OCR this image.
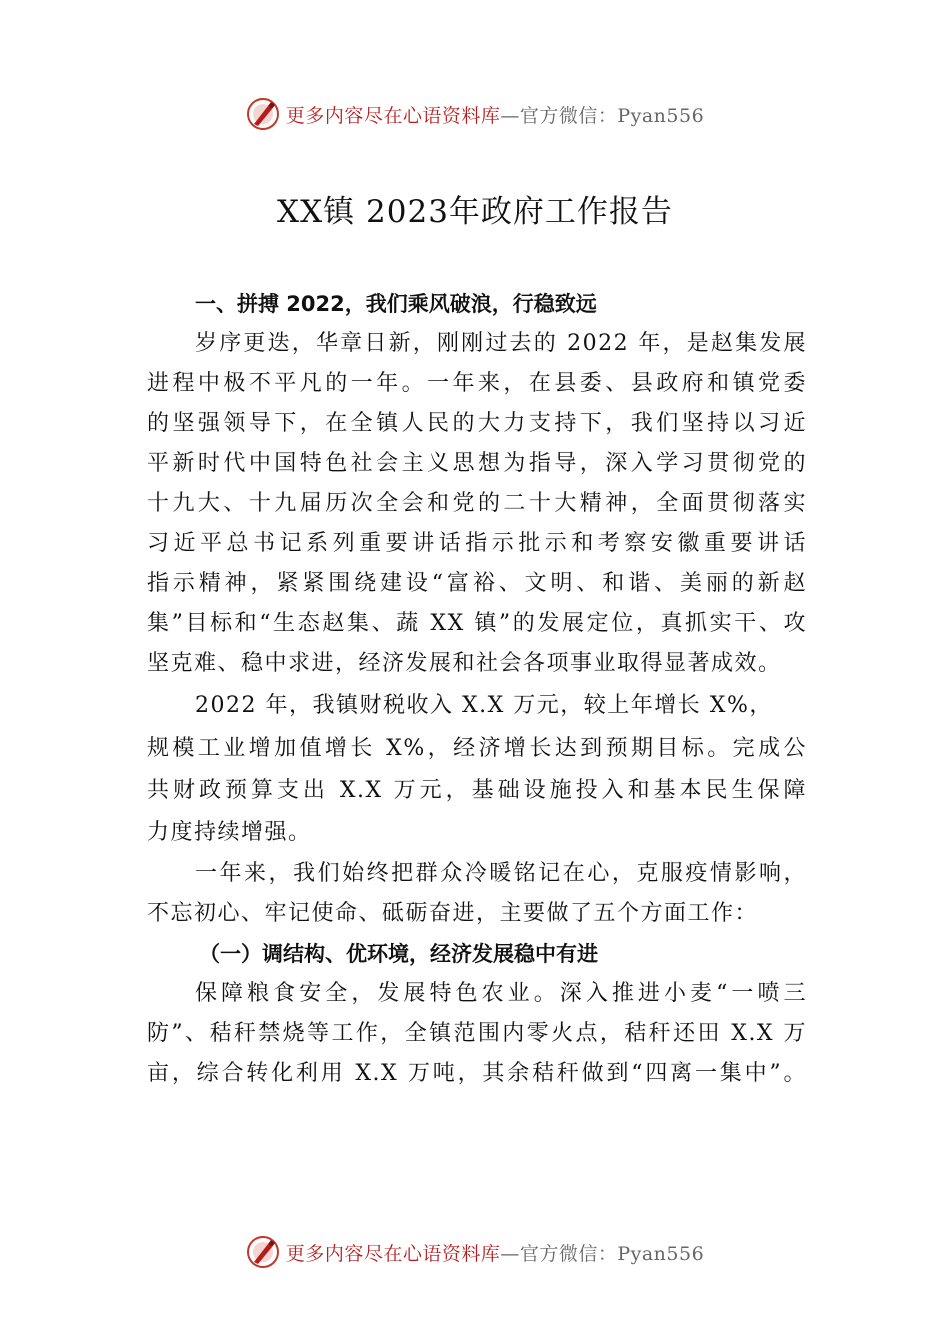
更多内容尽在心语资料库—官方微信：Pyan556
XX镇 2023年政府工作报告
一、拼搏 2022，我们乘风破浪，行稳致远
岁序更迭，华章日新，刚刚过去的 2022 年，是赵集发展
进程中极不平凡的一年。一年来，在县委、县政府和镇党委
的坚强领导下，在全镇人民的大力支持下，我们坚持以习近
平新时代中国特色社会主义思想为指导，深入学习贯彻党的
十九大、十九届历次全会和党的二十大精神，全面贯彻落实
习近平总书记系列重要讲话指示批示和考察安徽重要讲话
指示精神，紧紧围绕建设“富裕、文明、和谐、美丽的新赵
集”目标和“生态赵集、蔬 XX 镇”的发展定位，真抓实干、攻
坚克难、稳中求进，经济发展和社会各项事业取得显著成效。
2022 年，我镇财税收入 X.X 万元，较上年增长 X%，
规模工业增加值增长 X%，经济增长达到预期目标。完成公
共财政预算支出 X.X 万元，基础设施投入和基本民生保障
力度持续增强。
一年来，我们始终把群众冷暖铭记在心，克服疫情影响，
不忘初心、牢记使命、砥砺奋进，主要做了五个方面工作：
（一）调结构、优环境，经济发展稳中有进
保障粮食安全，发展特色农业。深入推进小麦“一喷三
防”、秸秆禁烧等工作，全镇范围内零火点，秸秆还田 X.X 万
亩，综合转化利用 X.X 万吨，其余秸秆做到“四离一集中”。
更多内容尽在心语资料库—官方微信：Pyan556
